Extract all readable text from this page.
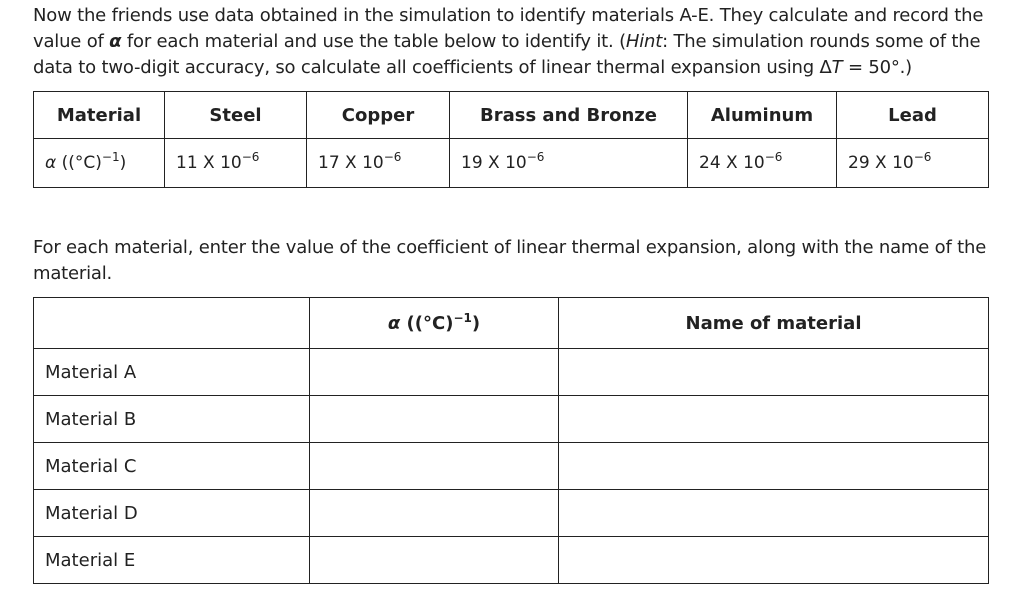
Now the friends use data obtained in the simulation to identify materials A-E. They calculate and record the value of α for each material and use the table below to identify it. (Hint: The simulation rounds some of the data to two-digit accuracy, so calculate all coefficients of linear thermal expansion using ΔT = 50°.)
Material	Steel	Copper	Brass and Bronze	Aluminum	Lead
α $((^\circ C)^{-1})$	11 X $10^{-6}$	17 X $10^{-6}$	19 X $10^{-6}$	24 X $10^{-6}$	29 X $10^{-6}$
For each material, enter the value of the coefficient of linear thermal expansion, along with the name of the material.
	α $((^\circ C)^{-1})$	Name of material
Material A		
Material B		
Material C		
Material D		
Material E		
